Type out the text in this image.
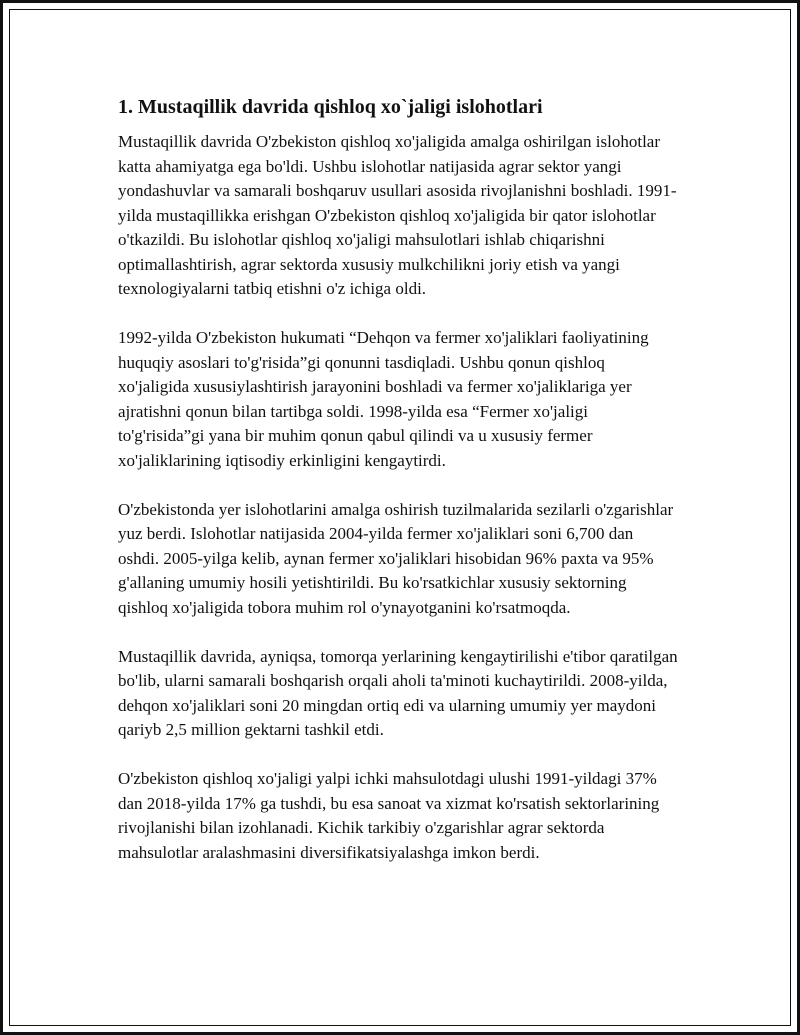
1. Mustaqillik davrida qishloq xo`jaligi islohotlari

Mustaqillik davrida O'zbekiston qishloq xo'jaligida amalga oshirilgan islohotlar katta ahamiyatga ega bo'ldi. Ushbu islohotlar natijasida agrar sektor yangi yondashuvlar va samarali boshqaruv usullari asosida rivojlanishni boshladi. 1991-yilda mustaqillikka erishgan O'zbekiston qishloq xo'jaligida bir qator islohotlar o'tkazildi. Bu islohotlar qishloq xo'jaligi mahsulotlari ishlab chiqarishni optimallashtirish, agrar sektorda xususiy mulkchilikni joriy etish va yangi texnologiyalarni tatbiq etishni o'z ichiga oldi.

1992-yilda O'zbekiston hukumati “Dehqon va fermer xo'jaliklari faoliyatining huquqiy asoslari to'g'risida”gi qonunni tasdiqladi. Ushbu qonun qishloq xo'jaligida xususiylashtirish jarayonini boshladi va fermer xo'jaliklariga yer ajratishni qonun bilan tartibga soldi. 1998-yilda esa “Fermer xo'jaligi to'g'risida”gi yana bir muhim qonun qabul qilindi va u xususiy fermer xo'jaliklarining iqtisodiy erkinligini kengaytirdi.

O'zbekistonda yer islohotlarini amalga oshirish tuzilmalarida sezilarli o'zgarishlar yuz berdi. Islohotlar natijasida 2004-yilda fermer xo'jaliklari soni 6,700 dan oshdi. 2005-yilga kelib, aynan fermer xo'jaliklari hisobidan 96% paxta va 95% g'allaning umumiy hosili yetishtirildi. Bu ko'rsatkichlar xususiy sektorning qishloq xo'jaligida tobora muhim rol o'ynayotganini ko'rsatmoqda.

Mustaqillik davrida, ayniqsa, tomorqa yerlarining kengaytirilishi e'tibor qaratilgan bo'lib, ularni samarali boshqarish orqali aholi ta'minoti kuchaytirildi. 2008-yilda, dehqon xo'jaliklari soni 20 mingdan ortiq edi va ularning umumiy yer maydoni qariyb 2,5 million gektarni tashkil etdi.

O'zbekiston qishloq xo'jaligi yalpi ichki mahsulotdagi ulushi 1991-yildagi 37% dan 2018-yilda 17% ga tushdi, bu esa sanoat va xizmat ko'rsatish sektorlarining rivojlanishi bilan izohlanadi. Kichik tarkibiy o'zgarishlar agrar sektorda mahsulotlar aralashmasini diversifikatsiyalashga imkon berdi.
